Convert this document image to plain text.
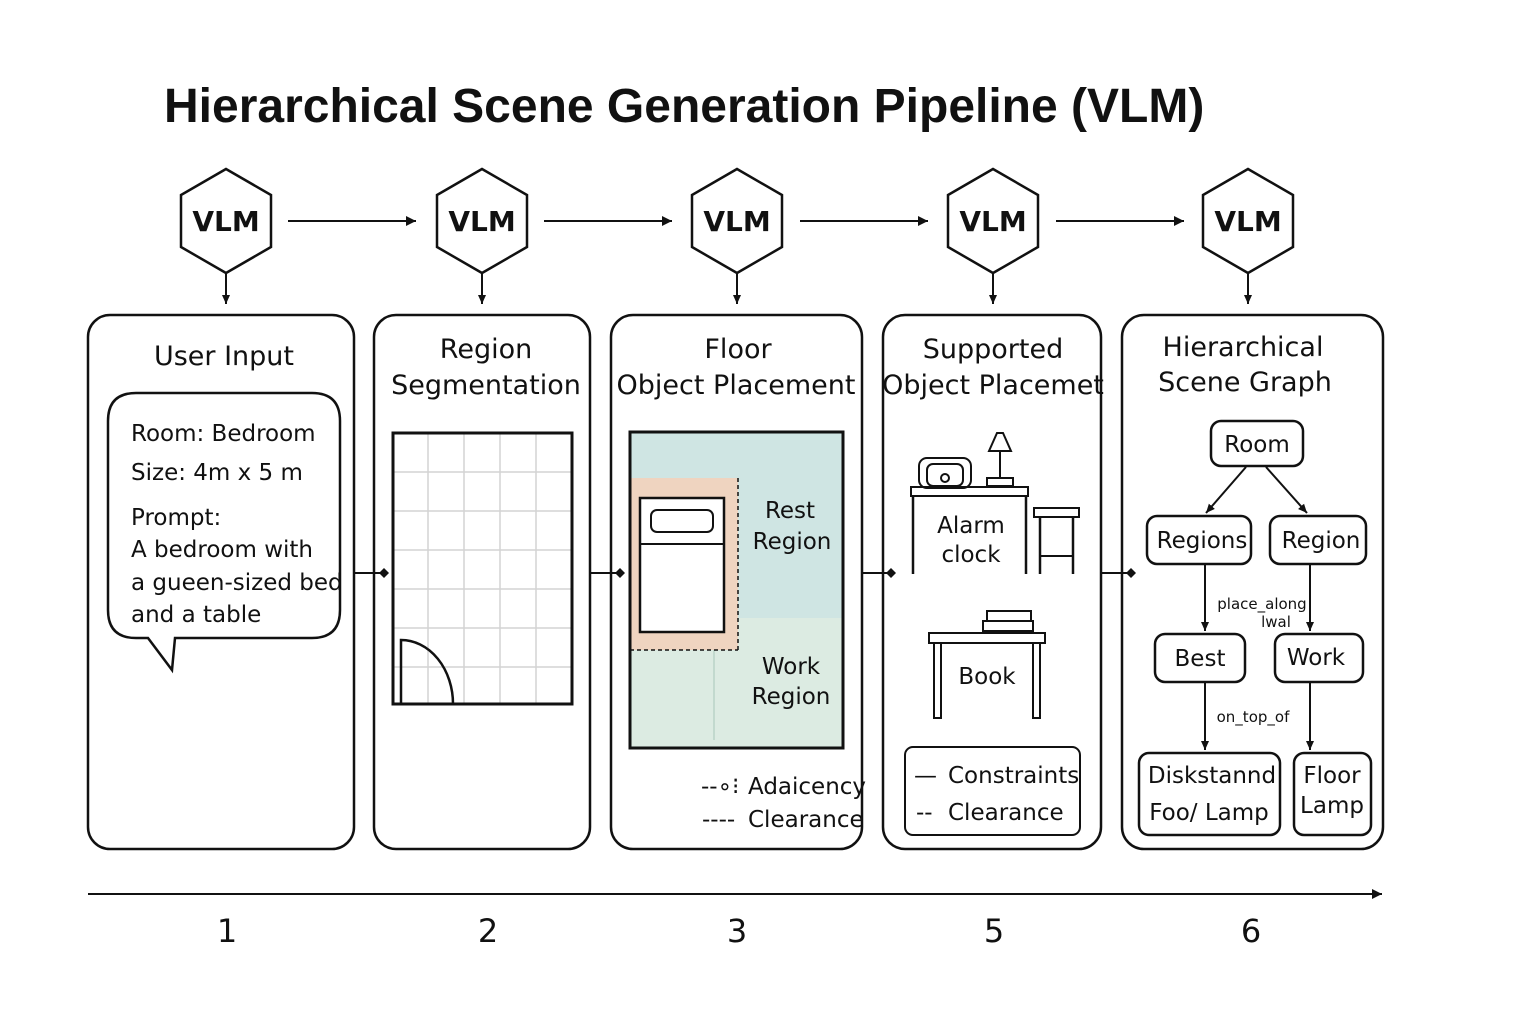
Hierarchical Scene Generation Pipeline (VLM)
VLM	VLM	VLM	VLM	VLM
User Input
Room: Bedroom
Size: 4m x 5 m
Prompt:
A bedroom with
a gueen-sized bed
and a table
Region
Segmentation
Floor
Object Placement
Rest
Region
Work
Region
--∘⁝ Adaicency
---- Clearance
Supported
Object Placemet
Alarm
clock
Book
— Constraints
-- Clearance
Hierarchical
Scene Graph
Room
Regions Region
place_along
lwal
Best	Work
on_top_of
Diskstannd
Foo/ Lamp
Floor
Lamp
1	2	3	5	6
